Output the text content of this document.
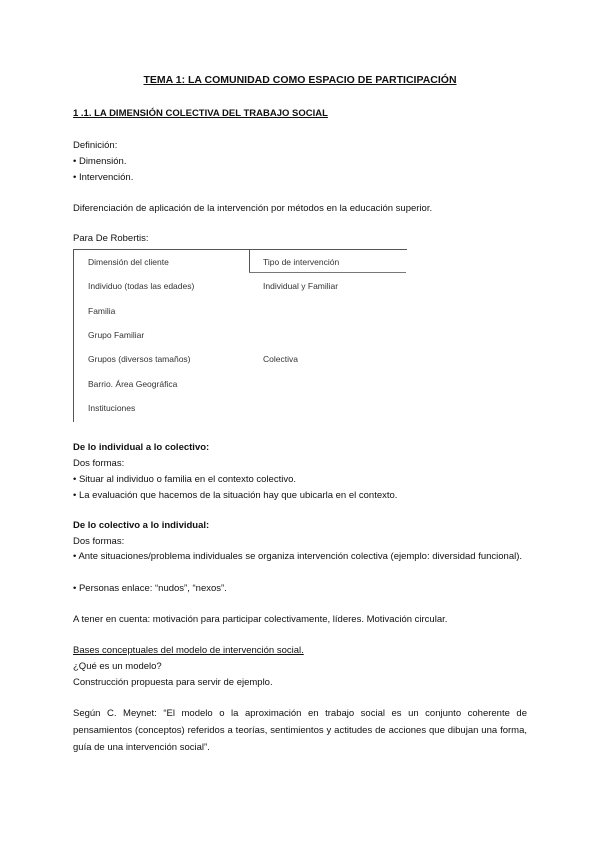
TEMA 1: LA COMUNIDAD COMO ESPACIO DE PARTICIPACIÓN
1 .1. LA DIMENSIÓN COLECTIVA DEL TRABAJO SOCIAL
Definición:
• Dimensión.
• Intervención.
Diferenciación de aplicación de la intervención por métodos en la educación superior.
Para De Robertis:
Dimensión del cliente	Tipo de intervención
Individuo (todas las edades)	Individual y Familiar
Familia
Grupo Familiar
Grupos (diversos tamaños)	Colectiva
Barrio. Área Geográfica
Instituciones
De lo individual a lo colectivo:
Dos formas:
• Situar al individuo o familia en el contexto colectivo.
• La evaluación que hacemos de la situación hay que ubicarla en el contexto.
De lo colectivo a lo individual:
Dos formas:
• Ante situaciones/problema individuales se organiza intervención colectiva (ejemplo: diversidad funcional).
• Personas enlace: “nudos”, “nexos”.
A tener en cuenta: motivación para participar colectivamente, líderes. Motivación circular.
Bases conceptuales del modelo de intervención social.
¿Qué es un modelo?
Construcción propuesta para servir de ejemplo.
Según C. Meynet: “El modelo o la aproximación en trabajo social es un conjunto coherente de pensamientos (conceptos) referidos a teorías, sentimientos y actitudes de acciones que dibujan una forma, guía de una intervención social”.
